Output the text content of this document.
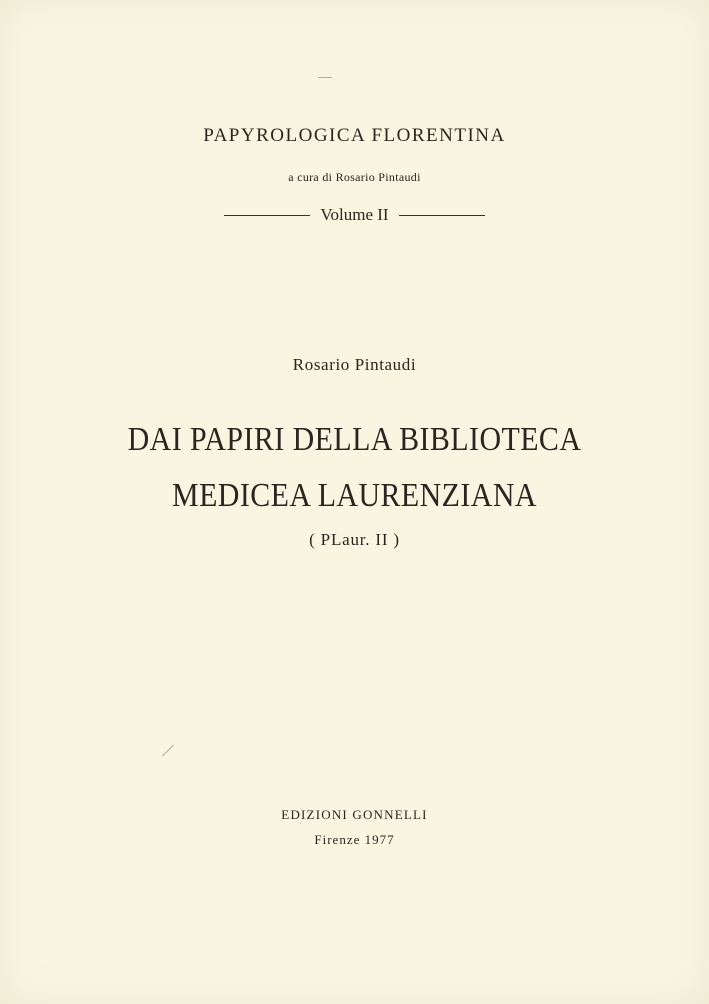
PAPYROLOGICA FLORENTINA
a cura di Rosario Pintaudi
Volume II
Rosario Pintaudi
DAI PAPIRI DELLA BIBLIOTECA
MEDICEA LAURENZIANA
( PLaur. II )
EDIZIONI GONNELLI
Firenze 1977
